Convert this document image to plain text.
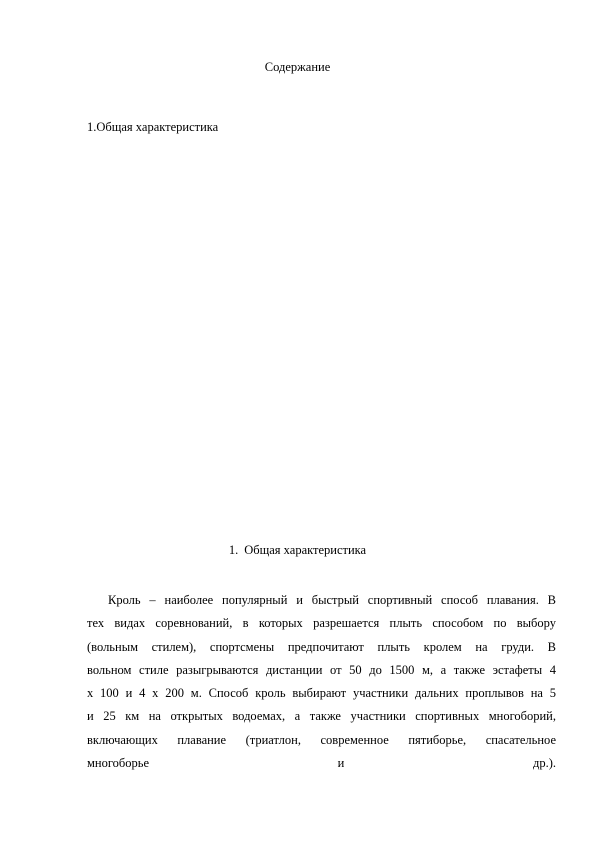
Содержание
1.Общая характеристика
1. Общая характеристика
Кроль – наиболее популярный и быстрый спортивный способ плавания. В
тех видах соревнований, в которых разрешается плыть способом по выбору
(вольным стилем), спортсмены предпочитают плыть кролем на груди. В
вольном стиле разыгрываются дистанции от 50 до 1500 м, а также эстафеты 4
х 100 и 4 х 200 м. Способ кроль выбирают участники дальних проплывов на 5
и 25 км на открытых водоемах, а также участники спортивных многоборий,
включающих плавание (триатлон, современное пятиборье, спасательное
многоборье	и	др.).
